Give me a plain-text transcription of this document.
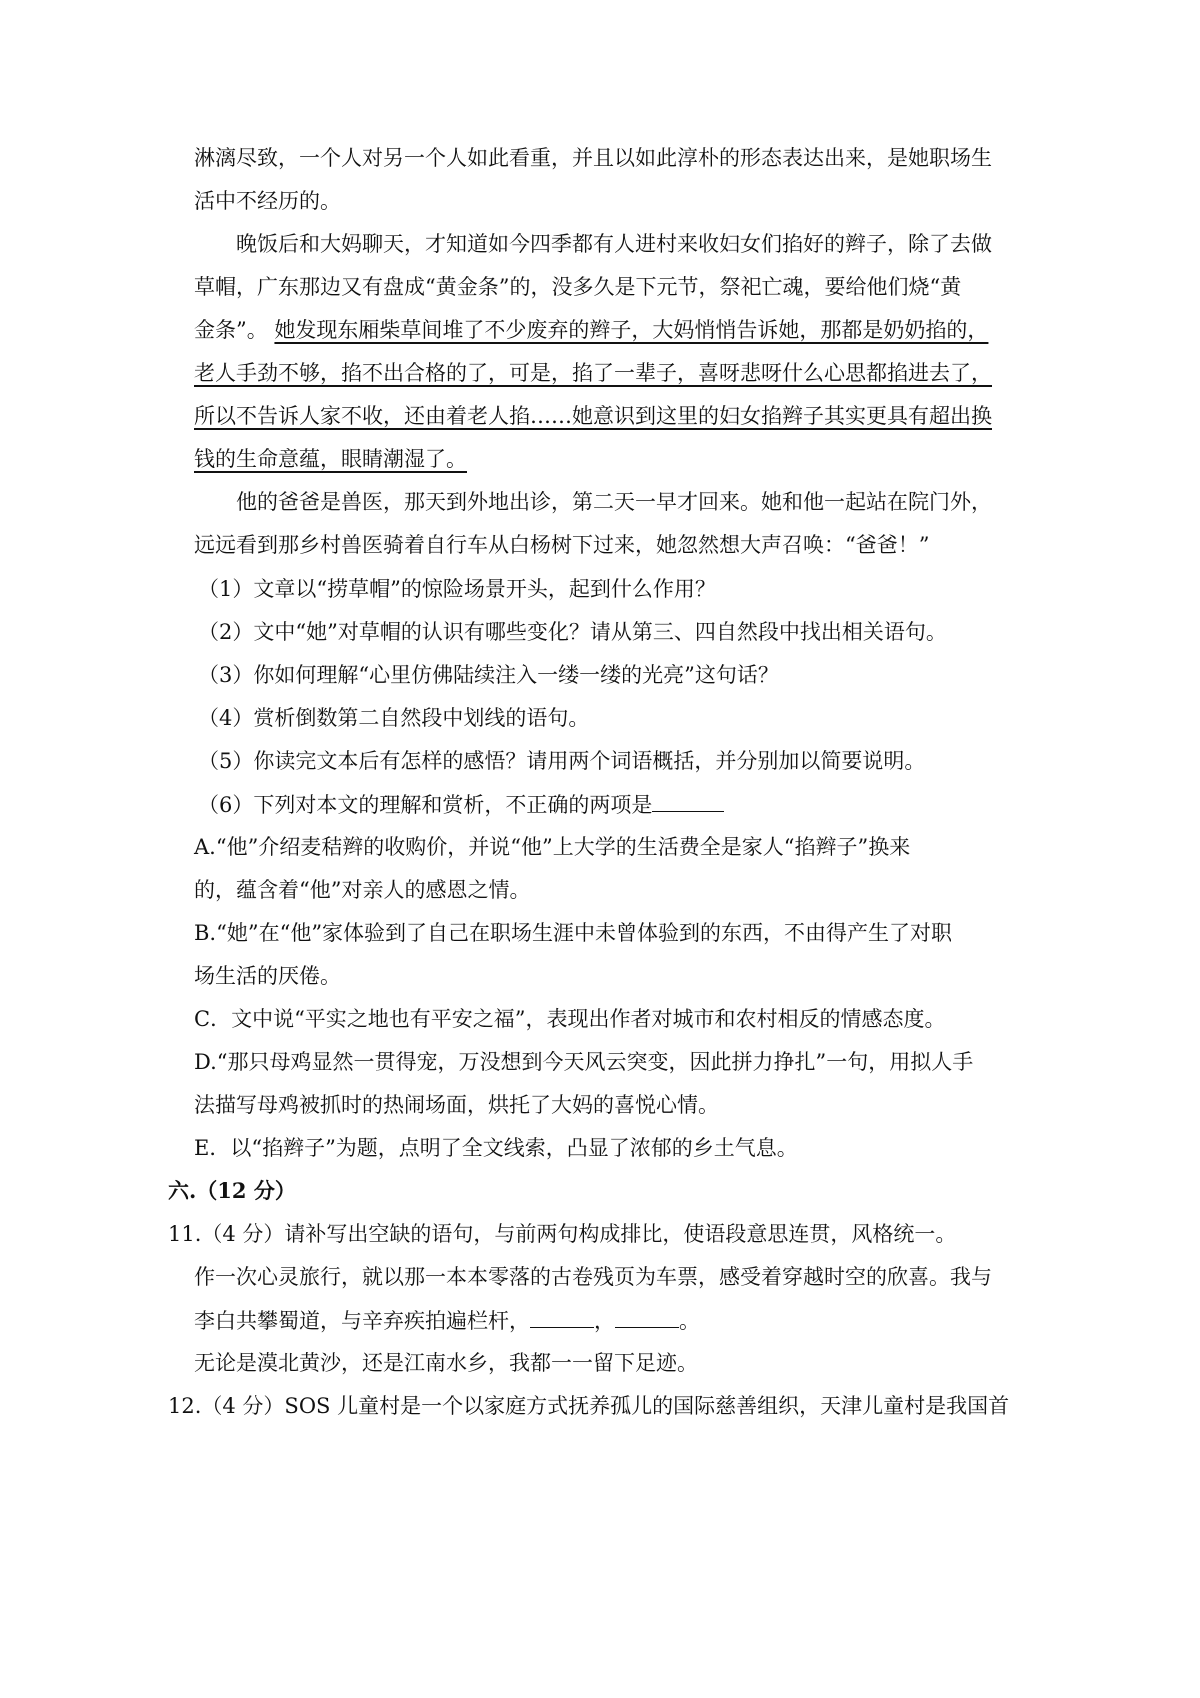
淋漓尽致，一个人对另一个人如此看重，并且以如此淳朴的形态表达出来，是她职场生
活中不经历的。
晚饭后和大妈聊天，才知道如今四季都有人进村来收妇女们掐好的辫子，除了去做
草帽，广东那边又有盘成“黄金条”的，没多久是下元节，祭祀亡魂，要给他们烧“黄
金条”。 她发现东厢柴草间堆了不少废弃的辫子，大妈悄悄告诉她，那都是奶奶掐的，
老人手劲不够，掐不出合格的了，可是，掐了一辈子，喜呀悲呀什么心思都掐进去了，
所以不告诉人家不收，还由着老人掐……她意识到这里的妇女掐辫子其实更具有超出换
钱的生命意蕴，眼睛潮湿了。
他的爸爸是兽医，那天到外地出诊，第二天一早才回来。她和他一起站在院门外，
远远看到那乡村兽医骑着自行车从白杨树下过来，她忽然想大声召唤：“爸爸！”
（1）文章以“捞草帽”的惊险场景开头，起到什么作用？
（2）文中“她”对草帽的认识有哪些变化？请从第三、四自然段中找出相关语句。
（3）你如何理解“心里仿佛陆续注入一缕一缕的光亮”这句话？
（4）赏析倒数第二自然段中划线的语句。
（5）你读完文本后有怎样的感悟？请用两个词语概括，并分别加以简要说明。
（6）下列对本文的理解和赏析，不正确的两项是
A.“他”介绍麦秸辫的收购价，并说“他”上大学的生活费全是家人“掐辫子”换来
的，蕴含着“他”对亲人的感恩之情。
B.“她”在“他”家体验到了自己在职场生涯中未曾体验到的东西，不由得产生了对职
场生活的厌倦。
C．文中说“平实之地也有平安之福”，表现出作者对城市和农村相反的情感态度。
D.“那只母鸡显然一贯得宠，万没想到今天风云突变，因此拼力挣扎”一句，用拟人手
法描写母鸡被抓时的热闹场面，烘托了大妈的喜悦心情。
E．以“掐辫子”为题，点明了全文线索，凸显了浓郁的乡土气息。
六.（12 分）
11.（4 分）请补写出空缺的语句，与前两句构成排比，使语段意思连贯，风格统一。
作一次心灵旅行，就以那一本本零落的古卷残页为车票，感受着穿越时空的欣喜。我与
李白共攀蜀道，与辛弃疾拍遍栏杆，	，	。
无论是漠北黄沙，还是江南水乡，我都一一留下足迹。
12.（4 分）SOS 儿童村是一个以家庭方式抚养孤儿的国际慈善组织，天津儿童村是我国首
